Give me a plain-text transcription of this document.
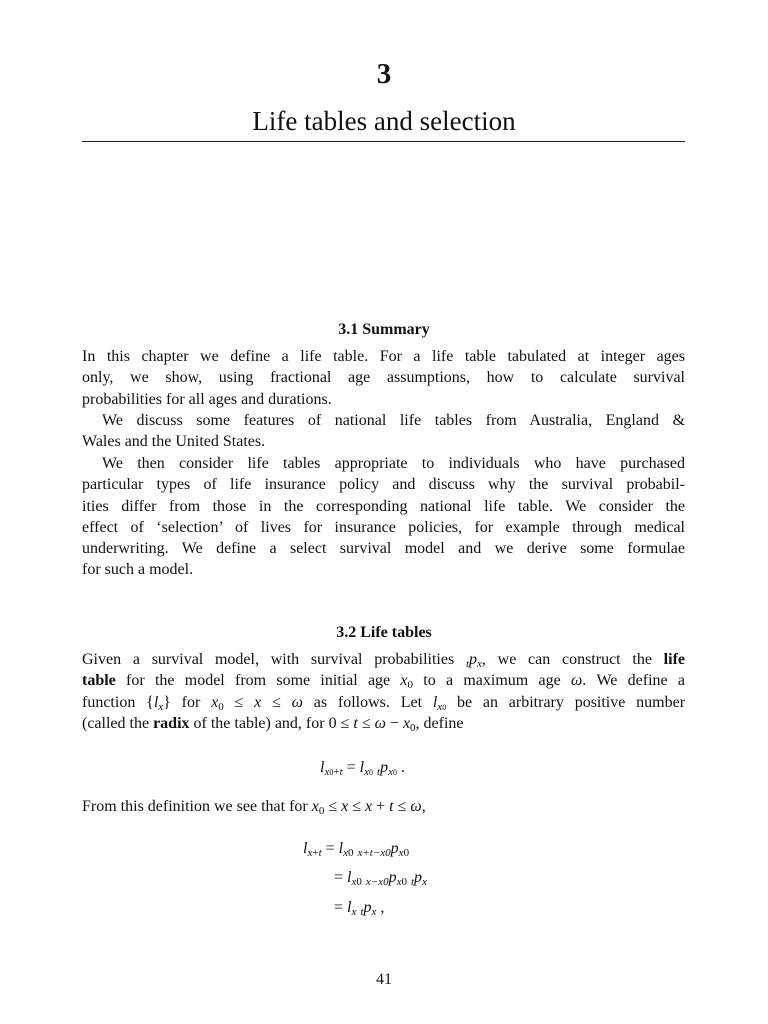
3
Life tables and selection
3.1 Summary
In this chapter we define a life table. For a life table tabulated at integer ages
only, we show, using fractional age assumptions, how to calculate survival
probabilities for all ages and durations.
We discuss some features of national life tables from Australia, England &
Wales and the United States.
We then consider life tables appropriate to individuals who have purchased
particular types of life insurance policy and discuss why the survival probabil-
ities differ from those in the corresponding national life table. We consider the
effect of ‘selection’ of lives for insurance policies, for example through medical
underwriting. We define a select survival model and we derive some formulae
for such a model.
3.2 Life tables
Given a survival model, with survival probabilities $tp_x$, we can construct the life
table for the model from some initial age $x_0$ to a maximum age ω. We define a
function $\{l_x\}$ for $x_0 \le x \le \omega$ as follows. Let $l_{x0}$ be an arbitrary positive number
(called the radix of the table) and, for $0 \le t \le \omega - x_0$, define
$l_{x0+t} = l_{x0}$ $tp_{x0}$ .
From this definition we see that for $x_0 \le x \le x + t \le \omega$,
$l_{x+t} = l_{x0}$ $x+t-x0p_{x0}$
= $l_{x0}$ $x-x0p_{x0}$ $tp_x$
= $l_x$ $tp_x$ ,
41
